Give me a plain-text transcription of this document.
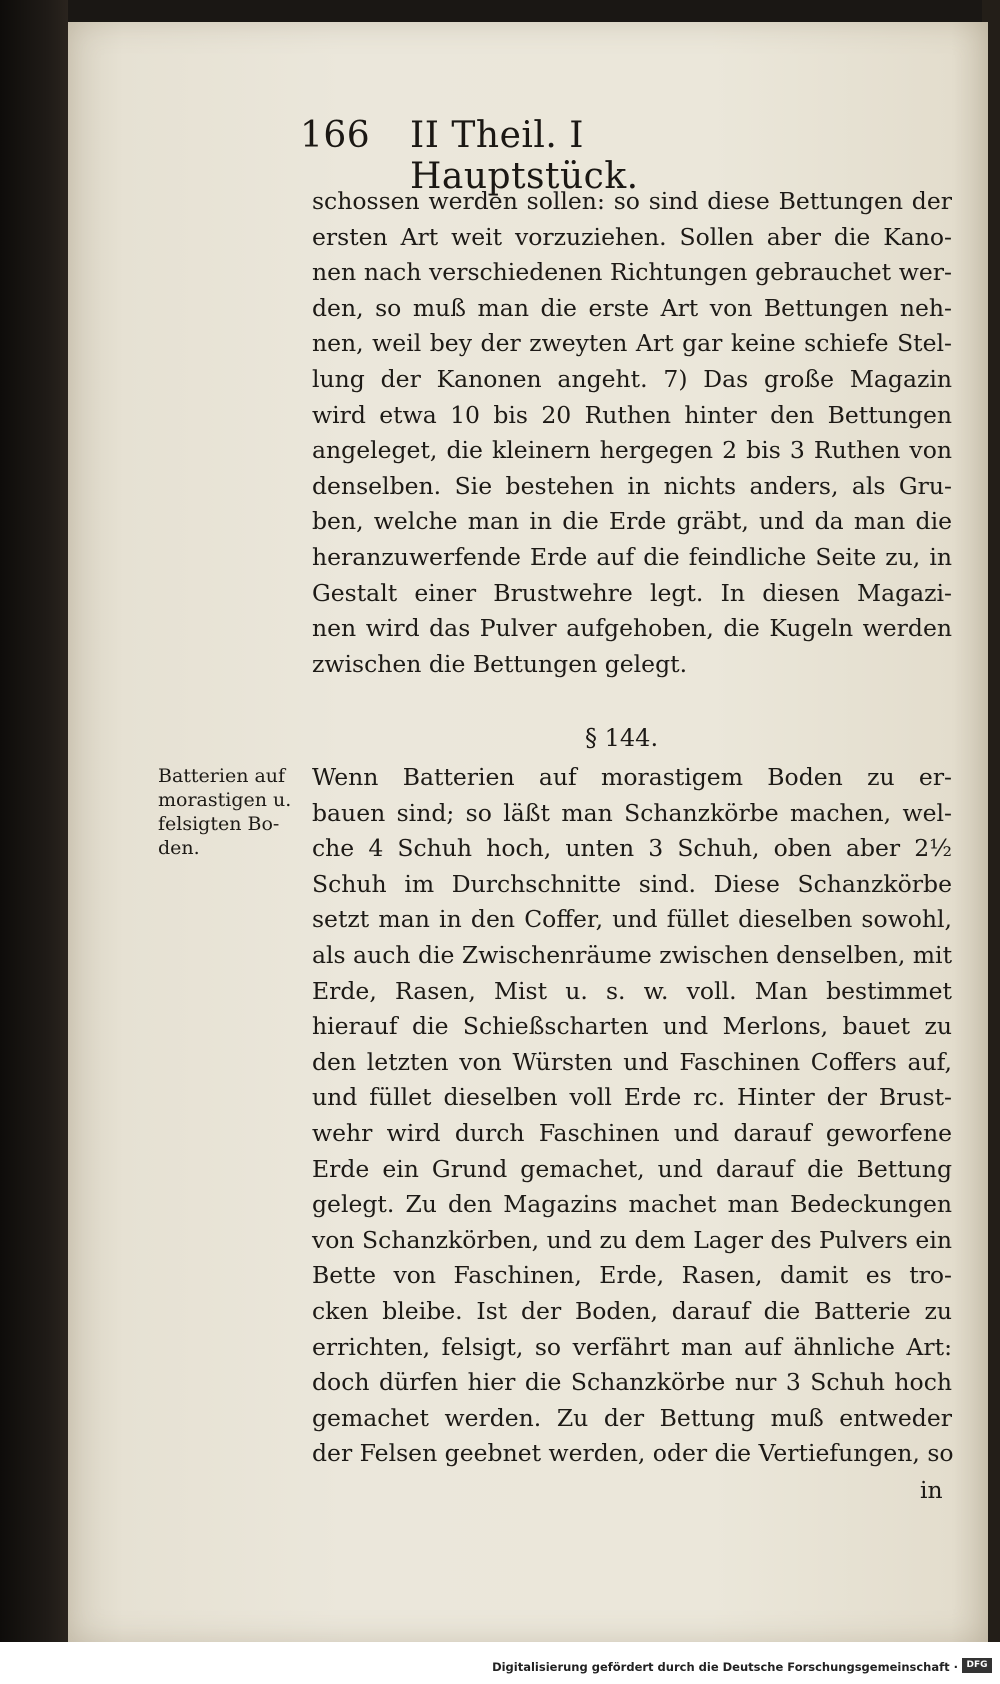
166	II Theil. I Hauptstück.
schossen werden sollen: so sind diese Bettungen der
ersten Art weit vorzuziehen. Sollen aber die Kano-
nen nach verschiedenen Richtungen gebrauchet wer-
den, so muß man die erste Art von Bettungen neh-
nen, weil bey der zweyten Art gar keine schiefe Stel-
lung der Kanonen angeht. 7) Das große Magazin
wird etwa 10 bis 20 Ruthen hinter den Bettungen
angeleget, die kleinern hergegen 2 bis 3 Ruthen von
denselben. Sie bestehen in nichts anders, als Gru-
ben, welche man in die Erde gräbt, und da man die
heranzuwerfende Erde auf die feindliche Seite zu, in
Gestalt einer Brustwehre legt. In diesen Magazi-
nen wird das Pulver aufgehoben, die Kugeln werden
zwischen die Bettungen gelegt.
§ 144.
Batterien auf
morastigen u.
felsigten Bo-
den.
Wenn Batterien auf morastigem Boden zu er-
bauen sind; so läßt man Schanzkörbe machen, wel-
che 4 Schuh hoch, unten 3 Schuh, oben aber 2½
Schuh im Durchschnitte sind. Diese Schanzkörbe
setzt man in den Coffer, und füllet dieselben sowohl,
als auch die Zwischenräume zwischen denselben, mit
Erde, Rasen, Mist u. s. w. voll. Man bestimmet
hierauf die Schießscharten und Merlons, bauet zu
den letzten von Würsten und Faschinen Coffers auf,
und füllet dieselben voll Erde rc. Hinter der Brust-
wehr wird durch Faschinen und darauf geworfene
Erde ein Grund gemachet, und darauf die Bettung
gelegt. Zu den Magazins machet man Bedeckungen
von Schanzkörben, und zu dem Lager des Pulvers ein
Bette von Faschinen, Erde, Rasen, damit es tro-
cken bleibe. Ist der Boden, darauf die Batterie zu
errichten, felsigt, so verfährt man auf ähnliche Art:
doch dürfen hier die Schanzkörbe nur 3 Schuh hoch
gemachet werden. Zu der Bettung muß entweder
der Felsen geebnet werden, oder die Vertiefungen, so
in
Digitalisierung gefördert durch die Deutsche Forschungsgemeinschaft · DFG
